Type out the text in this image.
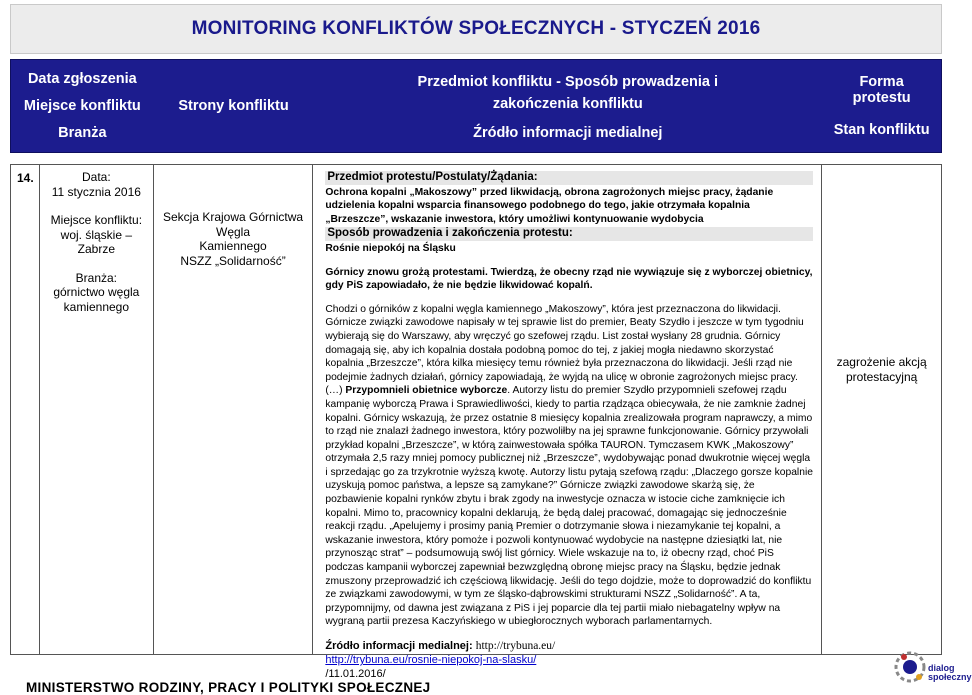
MONITORING KONFLIKTÓW SPOŁECZNYCH - STYCZEŃ 2016
Data zgłoszenia
Miejsce konfliktu
Branża
Strony konfliktu
Przedmiot konfliktu - Sposób prowadzenia i zakończenia konfliktu
Źródło informacji medialnej
Forma protestu
Stan konfliktu
14.	Data:
11 stycznia 2016
Miejsce konfliktu:
woj. śląskie –
Zabrze
Branża:
górnictwo węgla
kamiennego
Sekcja Krajowa Górnictwa Węgla
Kamiennego
NSZZ „Solidarność”
Przedmiot protestu/Postulaty/Żądania:

Ochrona kopalni „Makoszowy” przed likwidacją, obrona zagrożonych miejsc pracy, żądanie udzielenia kopalni wsparcia finansowego podobnego do tego, jakie otrzymała kopalnia „Brzeszcze”, wskazanie inwestora, który umożliwi kontynuowanie wydobycia

Sposób prowadzenia i zakończenia protestu:

Rośnie niepokój na Śląsku

Górnicy znowu grożą protestami. Twierdzą, że obecny rząd nie wywiązuje się z wyborczej obietnicy, gdy PiS zapowiadało, że nie będzie likwidować kopalń.

Chodzi o górników z kopalni węgla kamiennego „Makoszowy”, która jest przeznaczona do likwidacji. Górnicze związki zawodowe napisały w tej sprawie list do premier, Beaty Szydło i jeszcze w tym tygodniu wybierają się do Warszawy, aby wręczyć go szefowej rządu. List został wysłany 28 grudnia. Górnicy domagają się, aby ich kopalnia dostała podobną pomoc do tej, z jakiej mogła niedawno skorzystać kopalnia „Brzeszcze”, która kilka miesięcy temu również była przeznaczona do likwidacji. Jeśli rząd nie podejmie żadnych działań, górnicy zapowiadają, że wyjdą na ulicę w obronie zagrożonych miejsc pracy.

(…) Przypomnieli obietnice wyborcze. Autorzy listu do premier Szydło przypomnieli szefowej rządu kampanię wyborczą Prawa i Sprawiedliwości, kiedy to partia rządząca obiecywała, że nie zamknie żadnej kopalni. Górnicy wskazują, że przez ostatnie 8 miesięcy kopalnia zrealizowała program naprawczy, a mimo to rząd nie znalazł żadnego inwestora, który pozwoliłby na jej sprawne funkcjonowanie. Górnicy przywołali przykład kopalni „Brzeszcze”, w którą zainwestowała spółka TAURON. Tymczasem KWK „Makoszowy” otrzymała 2,5 razy mniej pomocy publicznej niż „Brzeszcze”, wydobywając ponad dwukrotnie więcej węgla i sprzedając go za trzykrotnie wyższą kwotę. Autorzy listu pytają szefową rządu: „Dlaczego gorsze kopalnie uzyskują pomoc państwa, a lepsze są zamykane?” Górnicze związki zawodowe skarżą się, że pozbawienie kopalni rynków zbytu i brak zgody na inwestycje oznacza w istocie ciche zamknięcie ich kopalni. Mimo to, pracownicy kopalni deklarują, że będą dalej pracować, domagając się jednocześnie reakcji rządu. „Apelujemy i prosimy panią Premier o dotrzymanie słowa i niezamykanie tej kopalni, a wskazanie inwestora, który pomoże i pozwoli kontynuować wydobycie na następne dziesiątki lat, nie przynosząc strat” – podsumowują swój list górnicy. Wiele wskazuje na to, iż obecny rząd, choć PiS podczas kampanii wyborczej zapewniał bezwzględną obronę miejsc pracy na Śląsku, będzie jednak zmuszony przeprowadzić ich częściową likwidację. Jeśli do tego dojdzie, może to doprowadzić do konfliktu ze związkami zawodowymi, w tym ze śląsko-dąbrowskimi strukturami NSZZ „Solidarność”. A ta, przypomnijmy, od dawna jest związana z PiS i jej poparcie dla tej partii miało niebagatelny wpływ na wygraną partii prezesa Kaczyńskiego w ubiegłorocznych wyborach parlamentarnych.

Źródło informacji medialnej: http://trybuna.eu/
http://trybuna.eu/rosnie-niepokoj-na-slasku/
/11.01.2016/

zagrożenie akcją protestacyjną
MINISTERSTWO RODZINY, PRACY I POLITYKI SPOŁECZNEJ
dialog
społeczny
